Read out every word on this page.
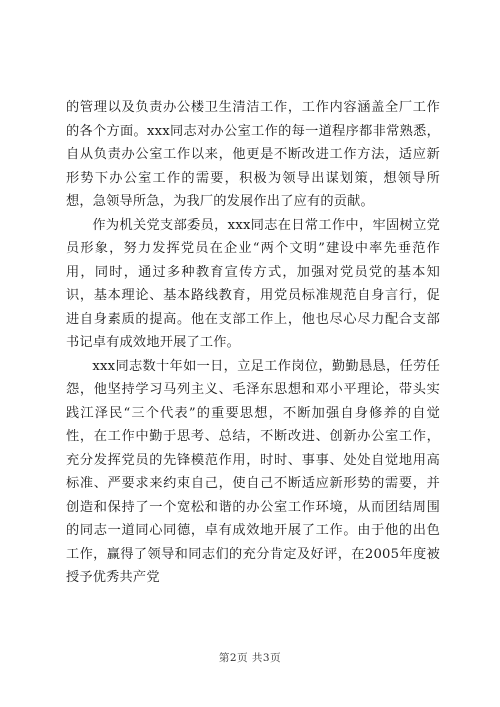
的管理以及负责办公楼卫生清洁工作，工作内容涵盖全厂工作的各个方面。xxx同志对办公室工作的每一道程序都非常熟悉，自从负责办公室工作以来，他更是不断改进工作方法，适应新形势下办公室工作的需要，积极为领导出谋划策，想领导所想，急领导所急，为我厂的发展作出了应有的贡献。

作为机关党支部委员，xxx同志在日常工作中，牢固树立党员形象，努力发挥党员在企业“两个文明”建设中率先垂范作用，同时，通过多种教育宣传方式，加强对党员党的基本知识，基本理论、基本路线教育，用党员标准规范自身言行，促进自身素质的提高。他在支部工作上，他也尽心尽力配合支部书记卓有成效地开展了工作。

xxx同志数十年如一日，立足工作岗位，勤勤恳恳，任劳任怨，他坚持学习马列主义、毛泽东思想和邓小平理论，带头实践江泽民“三个代表”的重要思想，不断加强自身修养的自觉性，在工作中勤于思考、总结，不断改进、创新办公室工作，充分发挥党员的先锋模范作用，时时、事事、处处自觉地用高标准、严要求来约束自己，使自己不断适应新形势的需要，并创造和保持了一个宽松和谐的办公室工作环境，从而团结周围的同志一道同心同德，卓有成效地开展了工作。由于他的出色工作，赢得了领导和同志们的充分肯定及好评，在2005年度被授予优秀共产党

第2页 共3页
